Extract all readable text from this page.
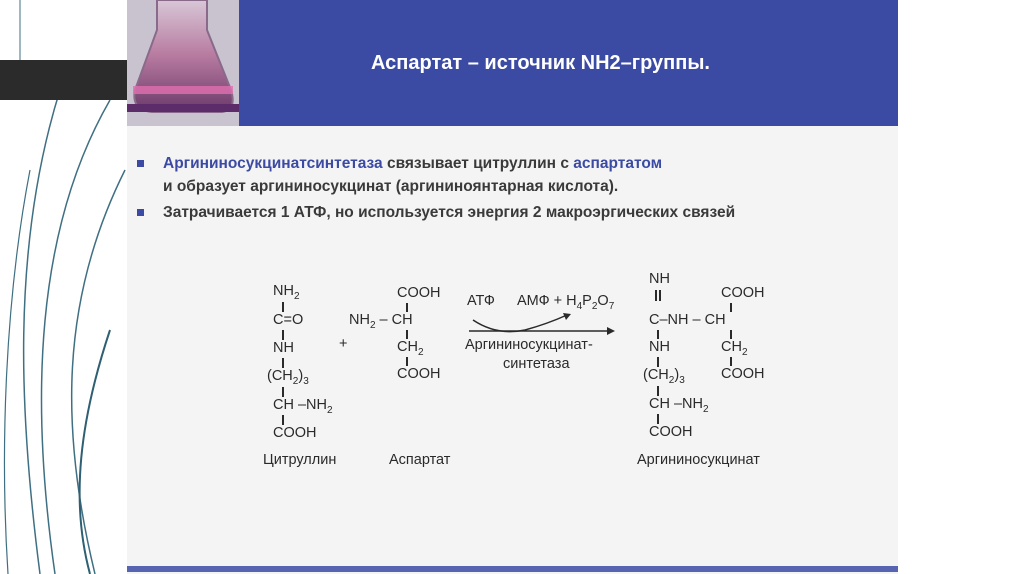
Аспартат – источник NH2–группы.
Аргининосукцинатсинтетаза связывает цитруллин с аспартатом
и образует аргининосукцинат (аргининоянтарная кислота).
Затрачивается 1 АТФ, но используется энергия 2 макроэргических связей
$NH_2$
C=O
NH
$(CH_2)_3$
CH $-NH_2$
COOH
Цитруллин
+
COOH
$NH_2$ – CH
$CH_2$
COOH
Аспартат
АТФ АМФ + $H_4P_2O_7$
Аргининосукцинат-
синтетаза
NH
C–NH – CH
NH
$(CH_2)_3$
CH $-NH_2$
COOH
COOH
$CH_2$
COOH
Аргининосукцинат
